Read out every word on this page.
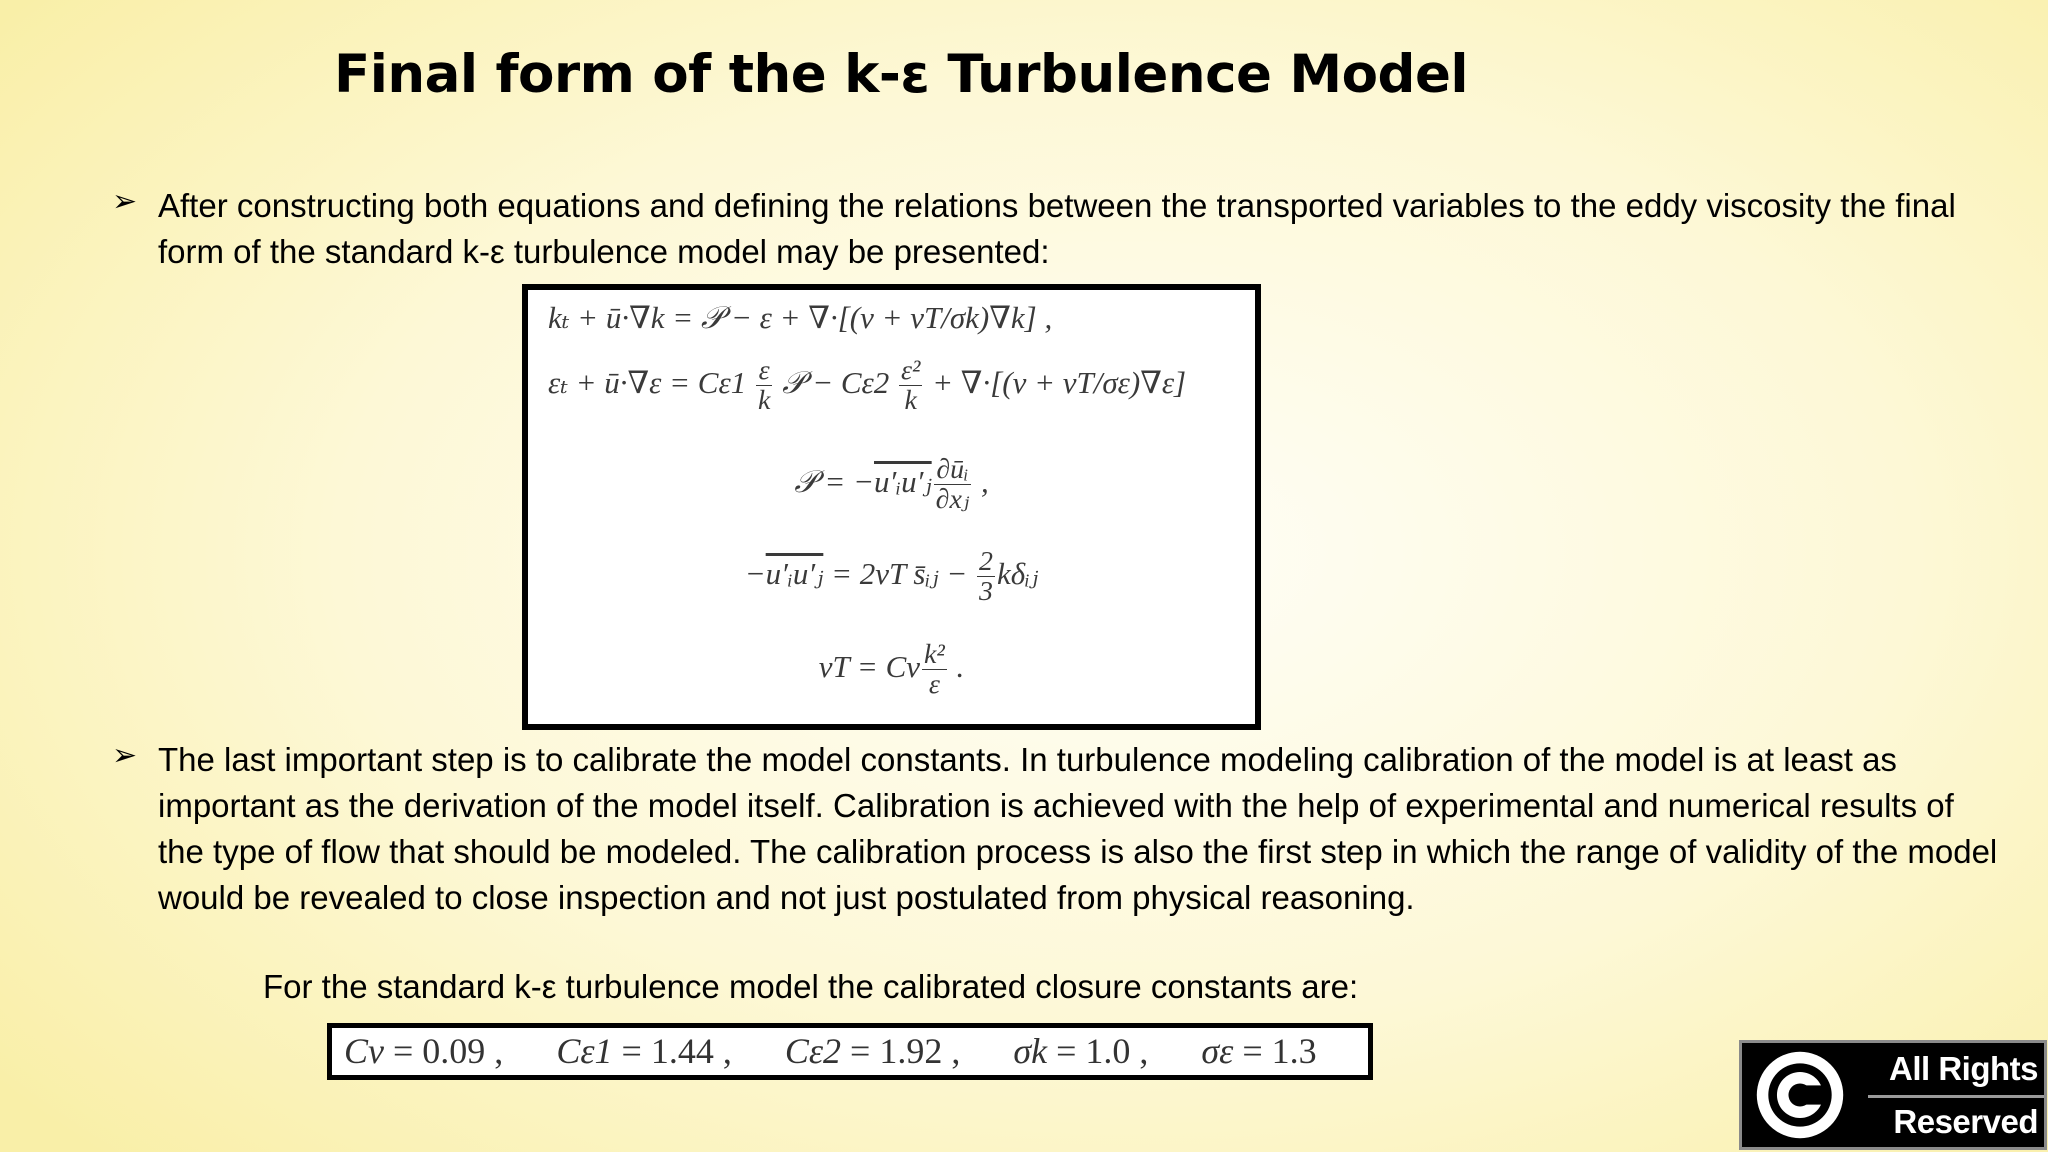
Final form of the k-ε Turbulence Model
➢ After constructing both equations and defining the relations between the transported variables to the eddy viscosity the final form of the standard k-ε turbulence model may be presented:
kₜ + ū·∇k = 𝒫 − ε + ∇·[(ν + νT/σk)∇k] ,
εₜ + ū·∇ε = $C\varepsilon 1 \frac{\varepsilon}{k}$ 𝒫 − $C\varepsilon 2 \frac{\text{ε²}}{k} + \nabla\cdot[(\nu + \nu T/\sigma\varepsilon)\nabla\varepsilon]$
𝒫 = −u′ᵢu′ⱼ $\frac{\text{∂ūᵢ}}{\text{∂xⱼ}}$ ,
−u′ᵢu′ⱼ = 2νT s̄ᵢⱼ − $\frac{2}{3}$ kδᵢⱼ
νT = Cν $\frac{\text{k²}}{\varepsilon}$ .
➢ The last important step is to calibrate the model constants. In turbulence modeling calibration of the model is at least as important as the derivation of the model itself. Calibration is achieved with the help of experimental and numerical results of the type of flow that should be modeled. The calibration process is also the first step in which the range of validity of the model would be revealed to close inspection and not just postulated from physical reasoning.
For the standard k-ε turbulence model the calibrated closure constants are:
Cν = 0.09 , Cε1 = 1.44 , Cε2 = 1.92 , σk = 1.0 , σε = 1.3	All Rights
Reserved
